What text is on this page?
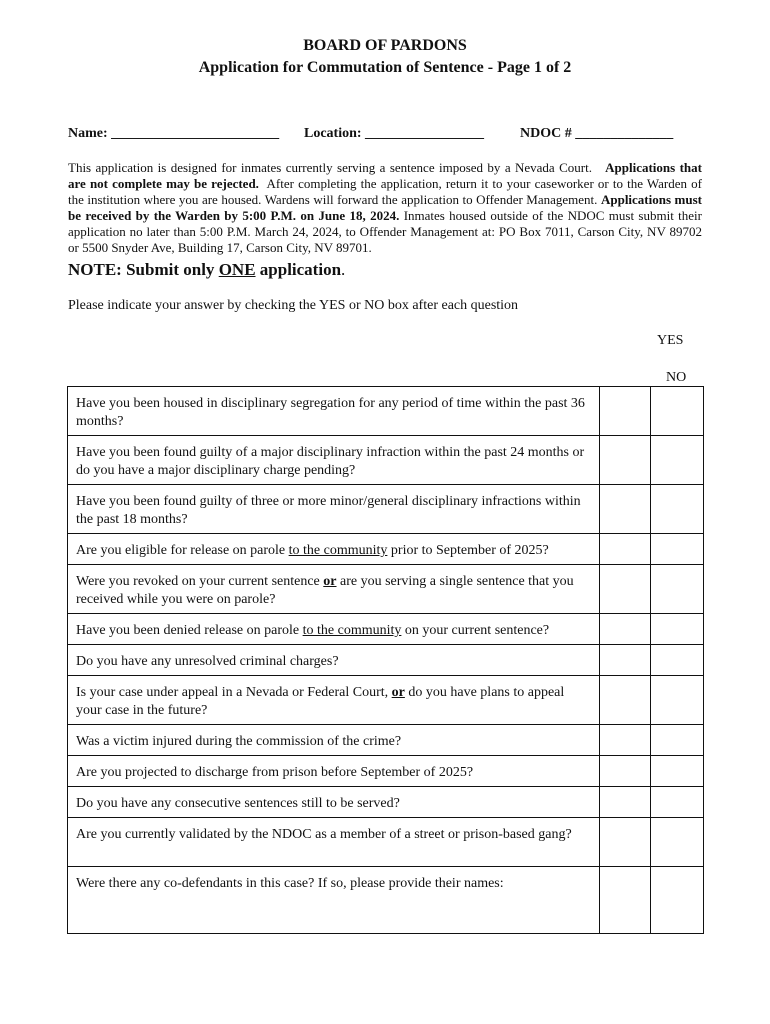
BOARD OF PARDONS
Application for Commutation of Sentence - Page 1 of 2
Name: ________________________ Location: _________________	NDOC # ______________

This application is designed for inmates currently serving a sentence imposed by a Nevada Court. Applications that are not complete may be rejected. After completing the application, return it to your caseworker or to the Warden of the institution where you are housed. Wardens will forward the application to Offender Management. Applications must be received by the Warden by 5:00 P.M. on June 18, 2024. Inmates housed outside of the NDOC must submit their application no later than 5:00 P.M. March 24, 2024, to Offender Management at: PO Box 7011, Carson City, NV 89702 or 5500 Snyder Ave, Building 17, Carson City, NV 89701.

NOTE: Submit only ONE application.
Please indicate your answer by checking the YES or NO box after each question
YES
NO
Have you been housed in disciplinary segregation for any period of time within the past 36 months?		
Have you been found guilty of a major disciplinary infraction within the past 24 months or do you have a major disciplinary charge pending?		
Have you been found guilty of three or more minor/general disciplinary infractions within the past 18 months?		
Are you eligible for release on parole to the community prior to September of 2025?		
Were you revoked on your current sentence or are you serving a single sentence that you received while you were on parole?		
Have you been denied release on parole to the community on your current sentence?		
Do you have any unresolved criminal charges?		
Is your case under appeal in a Nevada or Federal Court, or do you have plans to appeal your case in the future?		
Was a victim injured during the commission of the crime?		
Are you projected to discharge from prison before September of 2025?		
Do you have any consecutive sentences still to be served?		
Are you currently validated by the NDOC as a member of a street or prison-based gang?		
Were there any co-defendants in this case? If so, please provide their names:		
